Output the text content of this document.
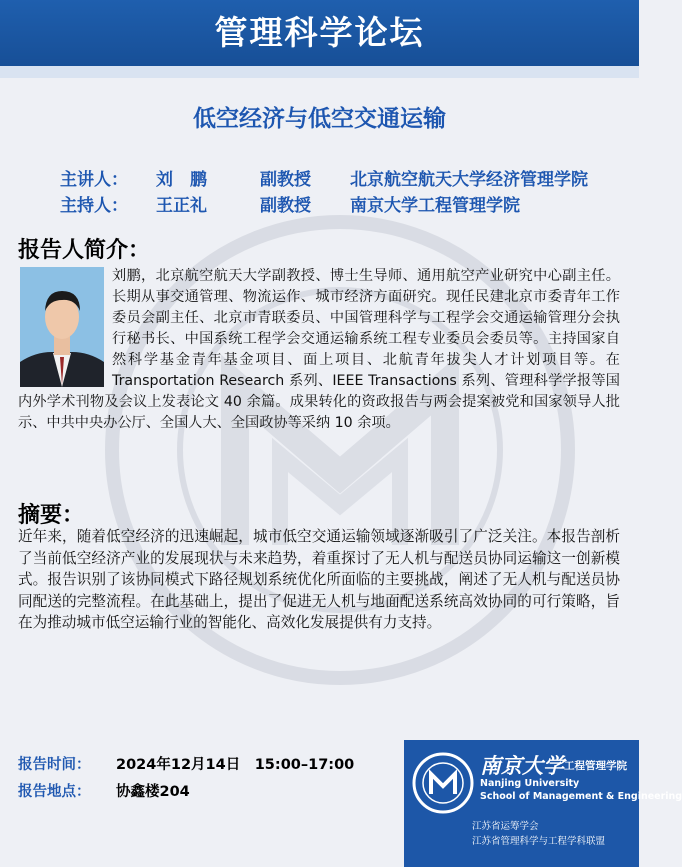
管理科学论坛
低空经济与低空交通运输
主讲人： 刘　鹏	副教授 北京航空航天大学经济管理学院
主持人： 王正礼	副教授 南京大学工程管理学院
报告人简介：
刘鹏，北京航空航天大学副教授、博士生导师、通用航空产业研究中心副主任。长期从事交通管理、物流运作、城市经济方面研究。现任民建北京市委青年工作委员会副主任、北京市青联委员、中国管理科学与工程学会交通运输管理分会执行秘书长、中国系统工程学会交通运输系统工程专业委员会委员等。主持国家自然科学基金青年基金项目、面上项目、北航青年拔尖人才计划项目等。在 Transportation Research 系列、IEEE Transactions 系列、管理科学学报等国内外学术刊物及会议上发表论文 40 余篇。成果转化的资政报告与两会提案被党和国家领导人批示、中共中央办公厅、全国人大、全国政协等采纳 10 余项。
摘要：
近年来，随着低空经济的迅速崛起，城市低空交通运输领域逐渐吸引了广泛关注。本报告剖析了当前低空经济产业的发展现状与未来趋势，着重探讨了无人机与配送员协同运输这一创新模式。报告识别了该协同模式下路径规划系统优化所面临的主要挑战，阐述了无人机与配送员协同配送的完整流程。在此基础上，提出了促进无人机与地面配送系统高效协同的可行策略，旨在为推动城市低空运输行业的智能化、高效化发展提供有力支持。
报告时间： 2024年12月14日　15:00–17:00
报告地点： 协鑫楼204
南京大学 工程管理学院
Nanjing University
School of Management & Engineering
江苏省运筹学会
江苏省管理科学与工程学科联盟
